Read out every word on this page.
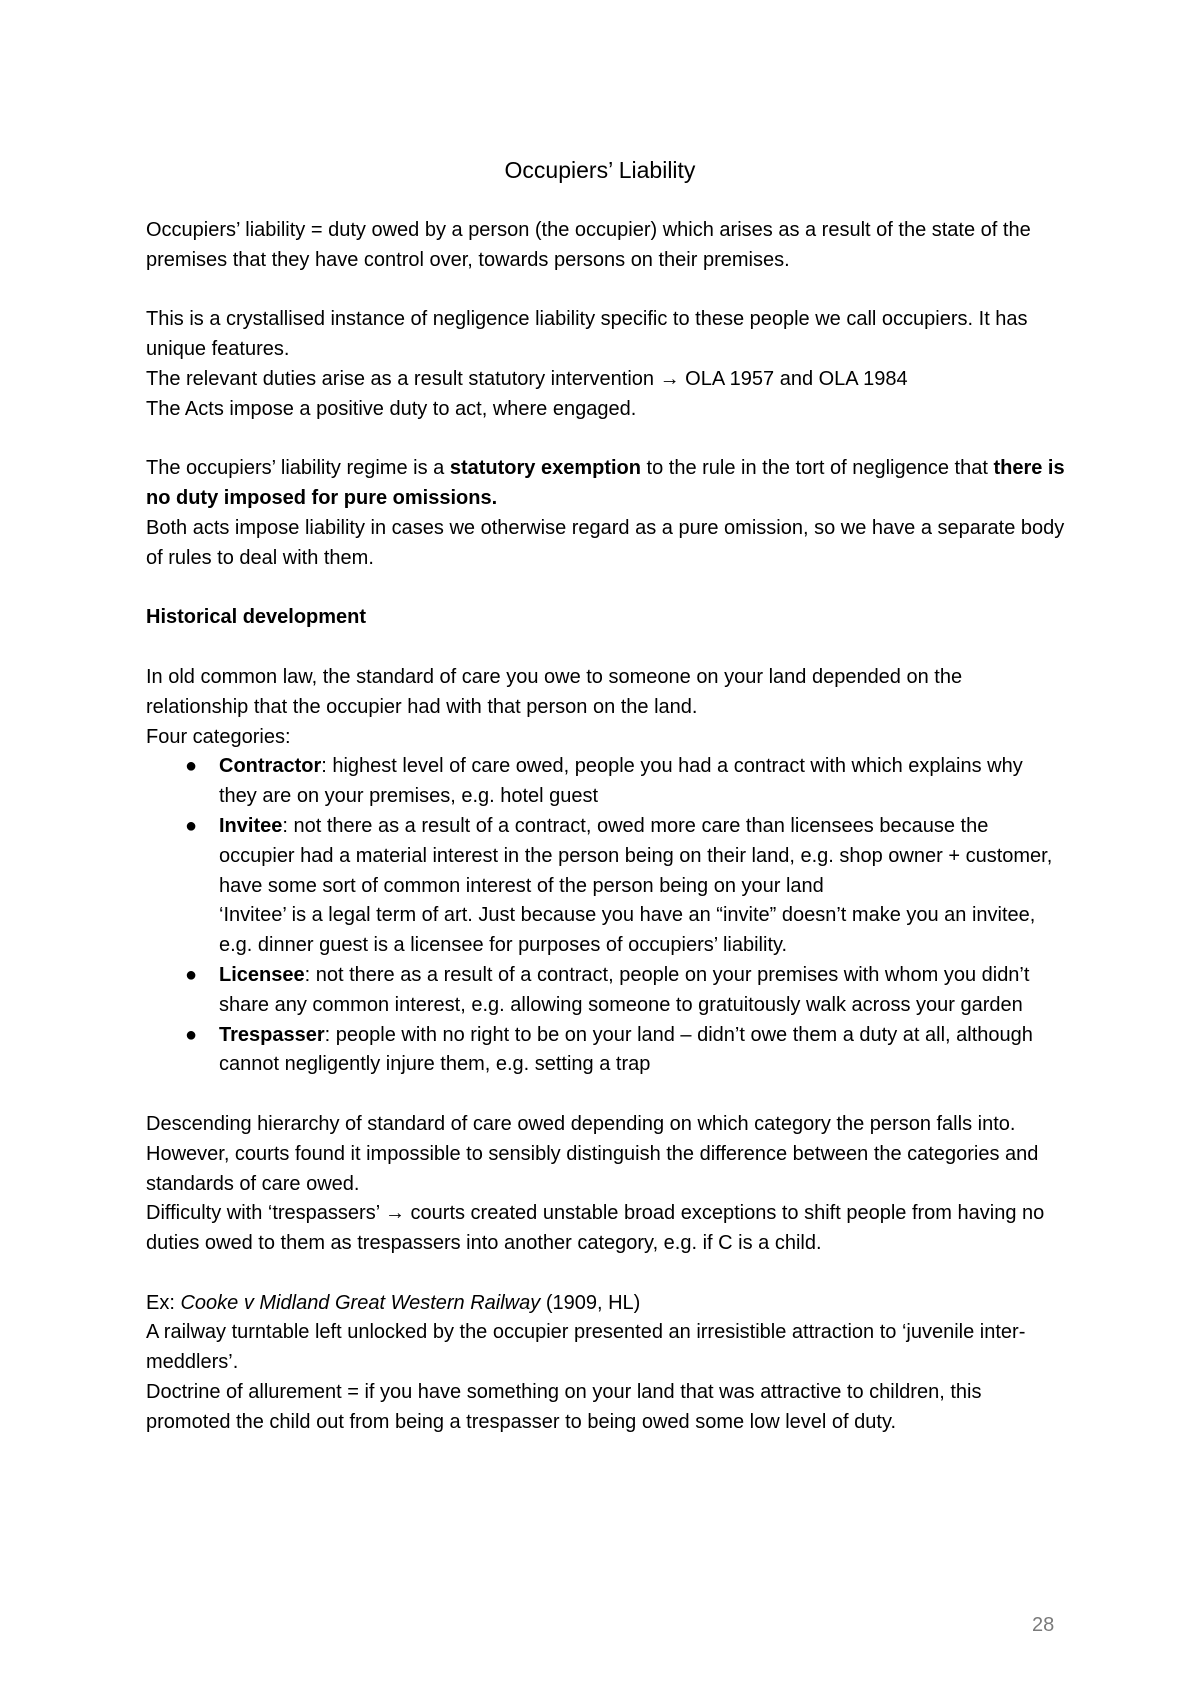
Occupiers’ Liability

Occupiers’ liability = duty owed by a person (the occupier) which arises as a result of the state of the premises that they have control over, towards persons on their premises.

This is a crystallised instance of negligence liability specific to these people we call occupiers. It has unique features.

The relevant duties arise as a result statutory intervention → OLA 1957 and OLA 1984

The Acts impose a positive duty to act, where engaged.

The occupiers’ liability regime is a statutory exemption to the rule in the tort of negligence that there is no duty imposed for pure omissions.

Both acts impose liability in cases we otherwise regard as a pure omission, so we have a separate body of rules to deal with them.

Historical development

In old common law, the standard of care you owe to someone on your land depended on the relationship that the occupier had with that person on the land.

Four categories:

● Contractor: highest level of care owed, people you had a contract with which explains why they are on your premises, e.g. hotel guest
● Invitee: not there as a result of a contract, owed more care than licensees because the occupier had a material interest in the person being on their land, e.g. shop owner + customer, have some sort of common interest of the person being on your land
‘Invitee’ is a legal term of art. Just because you have an “invite” doesn’t make you an invitee, e.g. dinner guest is a licensee for purposes of occupiers’ liability.
● Licensee: not there as a result of a contract, people on your premises with whom you didn’t share any common interest, e.g. allowing someone to gratuitously walk across your garden
● Trespasser: people with no right to be on your land – didn’t owe them a duty at all, although cannot negligently injure them, e.g. setting a trap

Descending hierarchy of standard of care owed depending on which category the person falls into.

However, courts found it impossible to sensibly distinguish the difference between the categories and standards of care owed.

Difficulty with ‘trespassers’ → courts created unstable broad exceptions to shift people from having no duties owed to them as trespassers into another category, e.g. if C is a child.

Ex: Cooke v Midland Great Western Railway (1909, HL)

A railway turntable left unlocked by the occupier presented an irresistible attraction to ‘juvenile inter-meddlers’.

Doctrine of allurement = if you have something on your land that was attractive to children, this promoted the child out from being a trespasser to being owed some low level of duty.

28
